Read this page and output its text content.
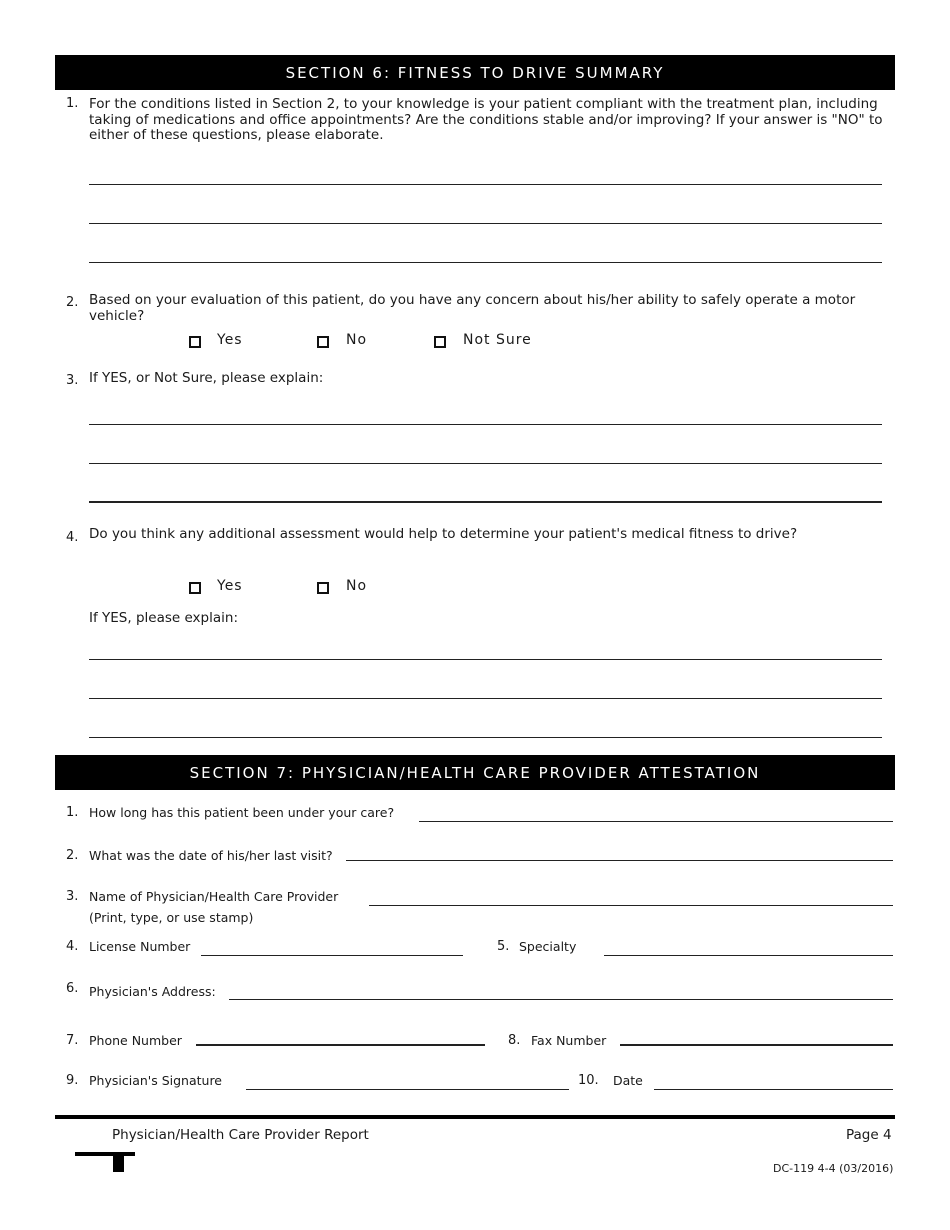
SECTION 6: FITNESS TO DRIVE SUMMARY
1. For the conditions listed in Section 2, to your knowledge is your patient compliant with the treatment plan, including
taking of medications and office appointments? Are the conditions stable and/or improving? If your answer is "NO" to
either of these questions, please elaborate.
2. Based on your evaluation of this patient, do you have any concern about his/her ability to safely operate a motor
vehicle?
Yes	No	Not Sure
3. If YES, or Not Sure, please explain:
4. Do you think any additional assessment would help to determine your patient's medical fitness to drive?
Yes	No
If YES, please explain:
SECTION 7: PHYSICIAN/HEALTH CARE PROVIDER ATTESTATION
1. How long has this patient been under your care?
2. What was the date of his/her last visit?
3. Name of Physician/Health Care Provider
(Print, type, or use stamp)
4. License Number	5. Specialty
6. Physician's Address:
7. Phone Number	8. Fax Number
9. Physician's Signature	10. Date
Physician/Health Care Provider Report	Page 4
DC-119 4-4 (03/2016)
